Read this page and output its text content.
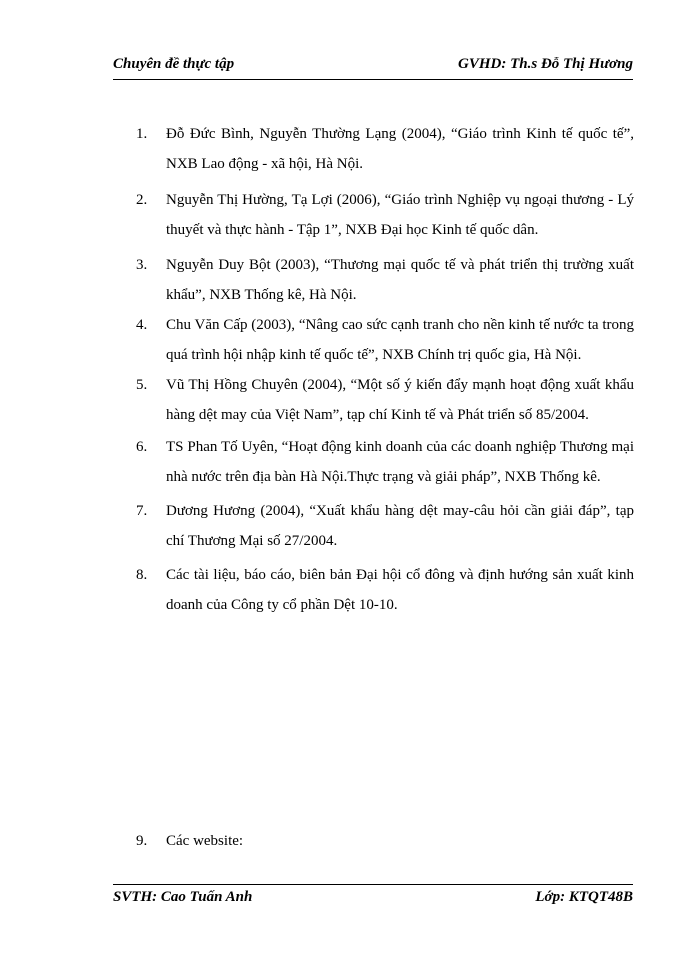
Chuyên đề thực tập	GVHD: Th.s Đỗ Thị Hương
1. Đỗ Đức Bình, Nguyễn Thường Lạng (2004), “Giáo trình Kinh tế quốc tế”, NXB Lao động - xã hội, Hà Nội.
2. Nguyễn Thị Hường, Tạ Lợi (2006), “Giáo trình Nghiệp vụ ngoại thương - Lý thuyết và thực hành - Tập 1”, NXB Đại học Kinh tế quốc dân.
3. Nguyễn Duy Bột (2003), “Thương mại quốc tế và phát triển thị trường xuất khẩu”, NXB Thống kê, Hà Nội.
4. Chu Văn Cấp (2003), “Nâng cao sức cạnh tranh cho nền kinh tế nước ta trong quá trình hội nhập kinh tế quốc tế”, NXB Chính trị quốc gia, Hà Nội.
5. Vũ Thị Hồng Chuyên (2004), “Một số ý kiến đẩy mạnh hoạt động xuất khẩu hàng dệt may của Việt Nam”, tạp chí Kinh tế và Phát triển số 85/2004.
6. TS Phan Tố Uyên, “Hoạt động kinh doanh của các doanh nghiệp Thương mại nhà nước trên địa bàn Hà Nội.Thực trạng và giải pháp”, NXB Thống kê.
7. Dương Hương (2004), “Xuất khẩu hàng dệt may-câu hỏi cần giải đáp”, tạp chí Thương Mại số 27/2004.
8. Các tài liệu, báo cáo, biên bản Đại hội cổ đông và định hướng sản xuất kinh doanh của Công ty cổ phần Dệt 10-10.
9. Các website:
SVTH: Cao Tuấn Anh	Lớp: KTQT48B
